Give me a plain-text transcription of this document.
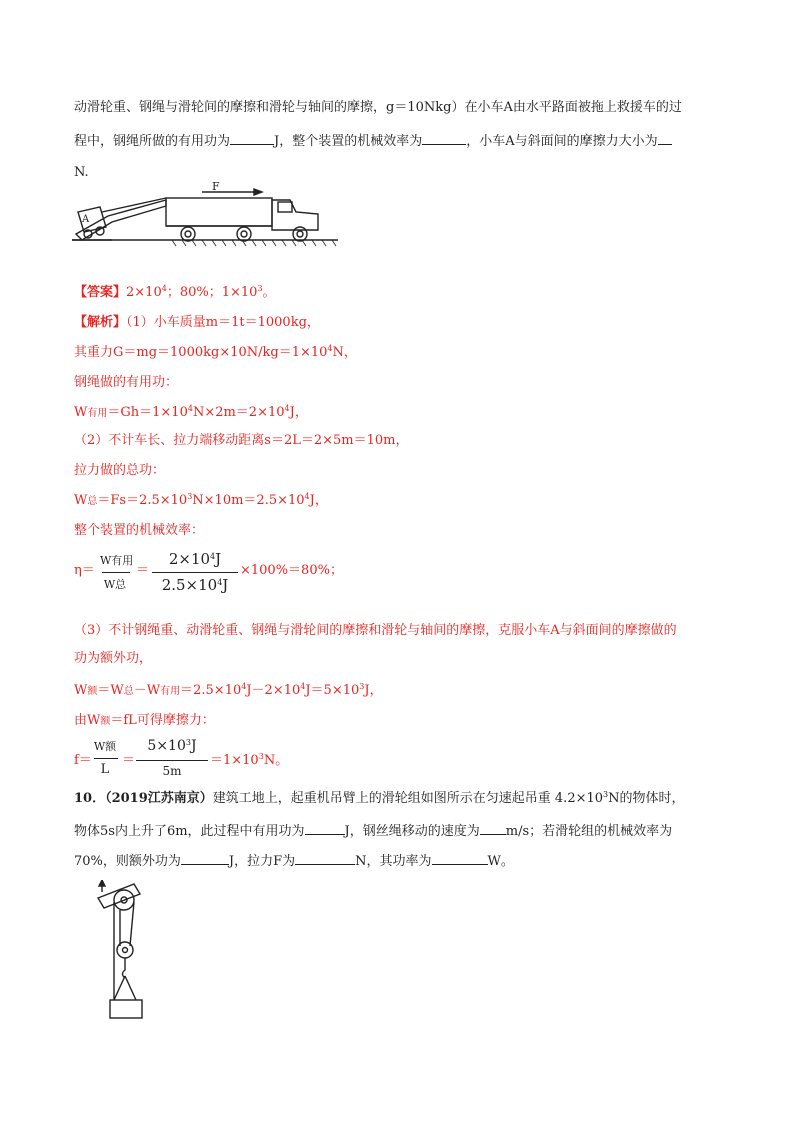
动滑轮重、钢绳与滑轮间的摩擦和滑轮与轴间的摩擦，g＝10Nkg）在小车A由水平路面被拖上救援车的过
程中，钢绳所做的有用功为	J，整个装置的机械效率为	，小车A与斜面间的摩擦力大小为
N.
F
A
【答案】$2\times 10^4$；80%；$1\times 10^3$。
【解析】（1）小车质量m＝1t＝1000kg，
其重力$G=mg=1000kg\times 10N/kg=1\times 10^4N$，
钢绳做的有用功：
W有用$=Gh=1\times 10^4N\times 2m=2\times 10^4J$，
（2）不计车长、拉力端移动距离s＝2L＝2×5m＝10m，
拉力做的总功：
W总$=Fs=2.5\times 10^3N\times 10m=2.5\times 10^4J$，
整个装置的机械效率：
η＝
W有用
W总
＝
$2\times 10^4J$
$2.5\times 10^4J$
×100%＝80%；
（3）不计钢绳重、动滑轮重、钢绳与滑轮间的摩擦和滑轮与轴间的摩擦，克服小车A与斜面间的摩擦做的
功为额外功，
W额＝W总－W有用$=2.5\times 10^4J-2\times 10^4J=5\times 10^3J$，
由W额＝fL可得摩擦力：
f＝
W额
L
＝
$5\times 10^3J$
5m
$=1\times 10^3N$。
10．（2019江苏南京）建筑工地上，起重机吊臂上的滑轮组如图所示在匀速起吊重 $4.2\times 10^3N$的物体时，
物体5s内上升了6m，此过程中有用功为	J，钢丝绳移动的速度为 m/s；若滑轮组的机械效率为
70%，则额外功为	J，拉力F为	N，其功率为	W。
